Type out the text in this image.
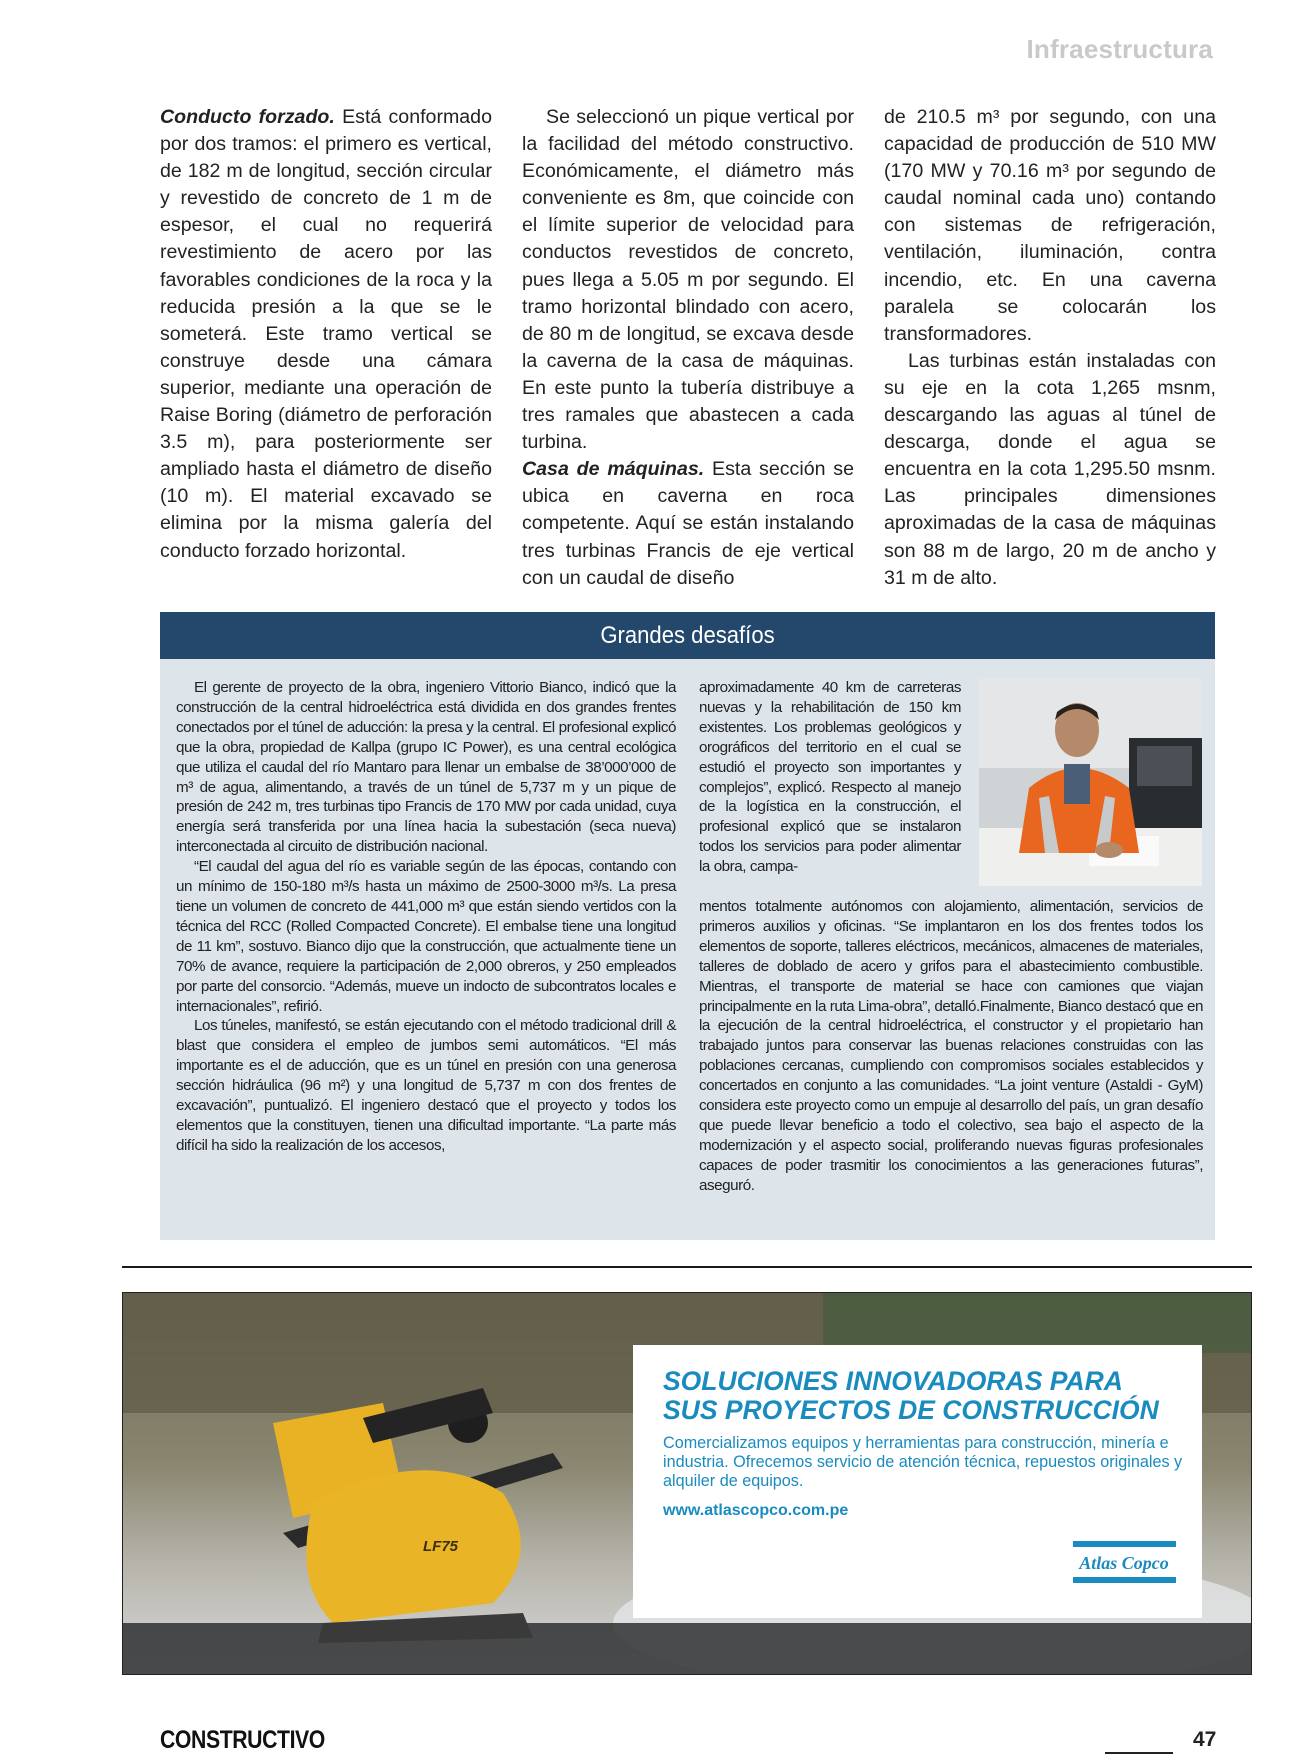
Infraestructura

Conducto forzado. Está conformado por dos tramos: el primero es vertical, de 182 m de longitud, sección circular y revestido de concreto de 1 m de espesor, el cual no requerirá revestimiento de acero por las favorables condiciones de la roca y la reducida presión a la que se le someterá. Este tramo vertical se construye desde una cámara superior, mediante una operación de Raise Boring (diámetro de perforación 3.5 m), para posteriormente ser ampliado hasta el diámetro de diseño (10 m). El material excavado se elimina por la misma galería del conducto forzado horizontal.

Se seleccionó un pique vertical por la facilidad del método constructivo. Económicamente, el diámetro más conveniente es 8m, que coincide con el límite superior de velocidad para conductos revestidos de concreto, pues llega a 5.05 m por segundo. El tramo horizontal blindado con acero, de 80 m de longitud, se excava desde la caverna de la casa de máquinas. En este punto la tubería distribuye a tres ramales que abastecen a cada turbina.

Casa de máquinas. Esta sección se ubica en caverna en roca competente. Aquí se están instalando tres turbinas Francis de eje vertical con un caudal de diseño

de 210.5 m³ por segundo, con una capacidad de producción de 510 MW (170 MW y 70.16 m³ por segundo de caudal nominal cada uno) contando con sistemas de refrigeración, ventilación, iluminación, contra incendio, etc. En una caverna paralela se colocarán los transformadores.

Las turbinas están instaladas con su eje en la cota 1,265 msnm, descargando las aguas al túnel de descarga, donde el agua se encuentra en la cota 1,295.50 msnm. Las principales dimensiones aproximadas de la casa de máquinas son 88 m de largo, 20 m de ancho y 31 m de alto.

Grandes desafíos

El gerente de proyecto de la obra, ingeniero Vittorio Bianco, indicó que la construcción de la central hidroeléctrica está dividida en dos grandes frentes conectados por el túnel de aducción: la presa y la central. El profesional explicó que la obra, propiedad de Kallpa (grupo IC Power), es una central ecológica que utiliza el caudal del río Mantaro para llenar un embalse de 38’000’000 de m³ de agua, alimentando, a través de un túnel de 5,737 m y un pique de presión de 242 m, tres turbinas tipo Francis de 170 MW por cada unidad, cuya energía será transferida por una línea hacia la subestación (seca nueva) interconectada al circuito de distribución nacional.

“El caudal del agua del río es variable según de las épocas, contando con un mínimo de 150-180 m³/s hasta un máximo de 2500-3000 m³/s. La presa tiene un volumen de concreto de 441,000 m³ que están siendo vertidos con la técnica del RCC (Rolled Compacted Concrete). El embalse tiene una longitud de 11 km”, sostuvo. Bianco dijo que la construcción, que actualmente tiene un 70% de avance, requiere la participación de 2,000 obreros, y 250 empleados por parte del consorcio. “Además, mueve un indocto de subcontratos locales e internacionales”, refirió.

Los túneles, manifestó, se están ejecutando con el método tradicional drill & blast que considera el empleo de jumbos semi automáticos. “El más importante es el de aducción, que es un túnel en presión con una generosa sección hidráulica (96 m²) y una longitud de 5,737 m con dos frentes de excavación”, puntualizó. El ingeniero destacó que el proyecto y todos los elementos que la constituyen, tienen una dificultad importante. “La parte más difícil ha sido la realización de los accesos,

aproximadamente 40 km de carreteras nuevas y la rehabilitación de 150 km existentes. Los problemas geológicos y orográficos del territorio en el cual se estudió el proyecto son importantes y complejos”, explicó. Respecto al manejo de la logística en la construcción, el profesional explicó que se instalaron todos los servicios para poder alimentar la obra, campa-

mentos totalmente autónomos con alojamiento, alimentación, servicios de primeros auxilios y oficinas. “Se implantaron en los dos frentes todos los elementos de soporte, talleres eléctricos, mecánicos, almacenes de materiales, talleres de doblado de acero y grifos para el abastecimiento combustible. Mientras, el transporte de material se hace con camiones que viajan principalmente en la ruta Lima-obra”, detalló.Finalmente, Bianco destacó que en la ejecución de la central hidroeléctrica, el constructor y el propietario han trabajado juntos para conservar las buenas relaciones construidas con las poblaciones cercanas, cumpliendo con compromisos sociales establecidos y concertados en conjunto a las comunidades. “La joint venture (Astaldi - GyM) considera este proyecto como un empuje al desarrollo del país, un gran desafío que puede llevar beneficio a todo el colectivo, sea bajo el aspecto de la modernización y el aspecto social, proliferando nuevas figuras profesionales capaces de poder trasmitir los conocimientos a las generaciones futuras”, aseguró.

LF75
SOLUCIONES INNOVADORAS PARA
SUS PROYECTOS DE CONSTRUCCIÓN
Comercializamos equipos y herramientas para construcción, minería e industria. Ofrecemos servicio de atención técnica, repuestos originales y alquiler de equipos.
www.atlascopco.com.pe
Atlas Copco
CONSTRUCTIVO	47
